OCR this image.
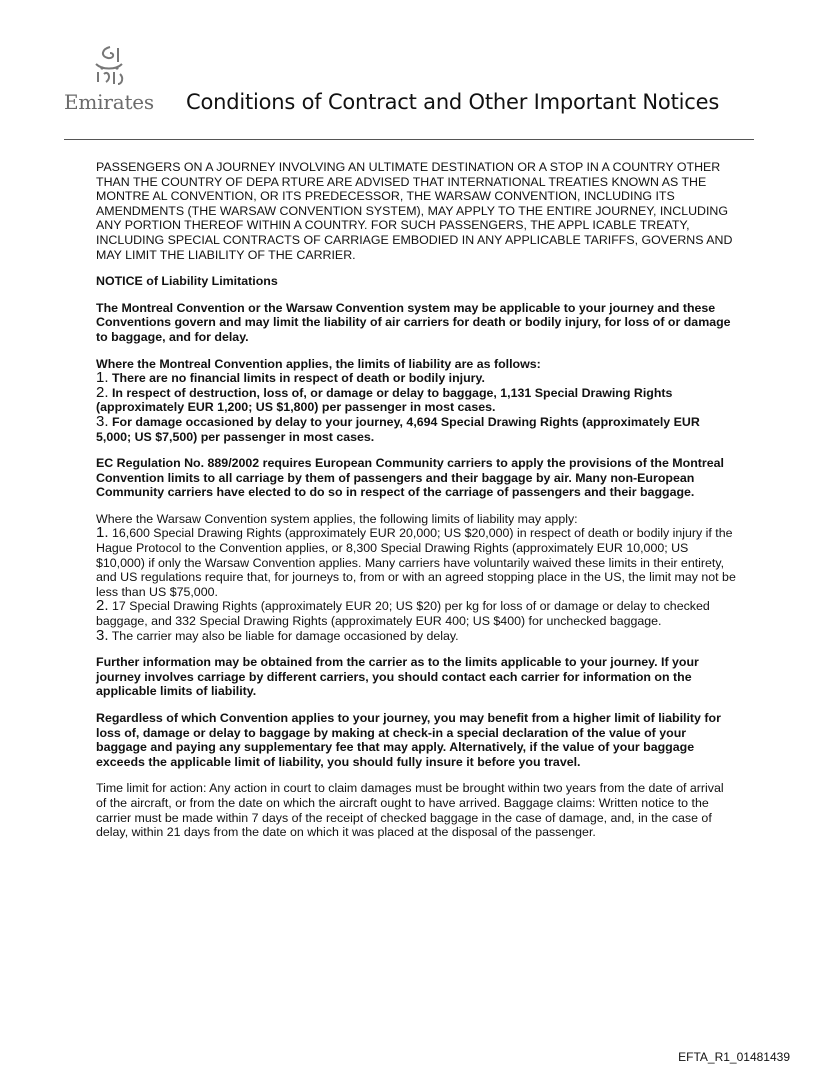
Emirates Conditions of Contract and Other Important Notices

PASSENGERS ON A JOURNEY INVOLVING AN ULTIMATE DESTINATION OR A STOP IN A COUNTRY OTHER THAN THE COUNTRY OF DEPA RTURE ARE ADVISED THAT INTERNATIONAL TREATIES KNOWN AS THE MONTRE AL CONVENTION, OR ITS PREDECESSOR, THE WARSAW CONVENTION, INCLUDING ITS AMENDMENTS (THE WARSAW CONVENTION SYSTEM), MAY APPLY TO THE ENTIRE JOURNEY, INCLUDING ANY PORTION THEREOF WITHIN A COUNTRY. FOR SUCH PASSENGERS, THE APPL ICABLE TREATY, INCLUDING SPECIAL CONTRACTS OF CARRIAGE EMBODIED IN ANY APPLICABLE TARIFFS, GOVERNS AND MAY LIMIT THE LIABILITY OF THE CARRIER.

NOTICE of Liability Limitations

The Montreal Convention or the Warsaw Convention system may be applicable to your journey and these Conventions govern and may limit the liability of air carriers for death or bodily injury, for loss of or damage to baggage, and for delay.

Where the Montreal Convention applies, the limits of liability are as follows:
1. There are no financial limits in respect of death or bodily injury.
2. In respect of destruction, loss of, or damage or delay to baggage, 1,131 Special Drawing Rights (approximately EUR 1,200; US $1,800) per passenger in most cases.
3. For damage occasioned by delay to your journey, 4,694 Special Drawing Rights (approximately EUR 5,000; US $7,500) per passenger in most cases.

EC Regulation No. 889/2002 requires European Community carriers to apply the provisions of the Montreal Convention limits to all carriage by them of passengers and their baggage by air. Many non-European Community carriers have elected to do so in respect of the carriage of passengers and their baggage.

Where the Warsaw Convention system applies, the following limits of liability may apply:
1. 16,600 Special Drawing Rights (approximately EUR 20,000; US $20,000) in respect of death or bodily injury if the Hague Protocol to the Convention applies, or 8,300 Special Drawing Rights (approximately EUR 10,000; US $10,000) if only the Warsaw Convention applies. Many carriers have voluntarily waived these limits in their entirety, and US regulations require that, for journeys to, from or with an agreed stopping place in the US, the limit may not be less than US $75,000.
2. 17 Special Drawing Rights (approximately EUR 20; US $20) per kg for loss of or damage or delay to checked baggage, and 332 Special Drawing Rights (approximately EUR 400; US $400) for unchecked baggage.
3. The carrier may also be liable for damage occasioned by delay.

Further information may be obtained from the carrier as to the limits applicable to your journey. If your journey involves carriage by different carriers, you should contact each carrier for information on the applicable limits of liability.

Regardless of which Convention applies to your journey, you may benefit from a higher limit of liability for loss of, damage or delay to baggage by making at check-in a special declaration of the value of your baggage and paying any supplementary fee that may apply. Alternatively, if the value of your baggage exceeds the applicable limit of liability, you should fully insure it before you travel.

Time limit for action: Any action in court to claim damages must be brought within two years from the date of arrival of the aircraft, or from the date on which the aircraft ought to have arrived. Baggage claims: Written notice to the carrier must be made within 7 days of the receipt of checked baggage in the case of damage, and, in the case of delay, within 21 days from the date on which it was placed at the disposal of the passenger.

EFTA_R1_01481439
